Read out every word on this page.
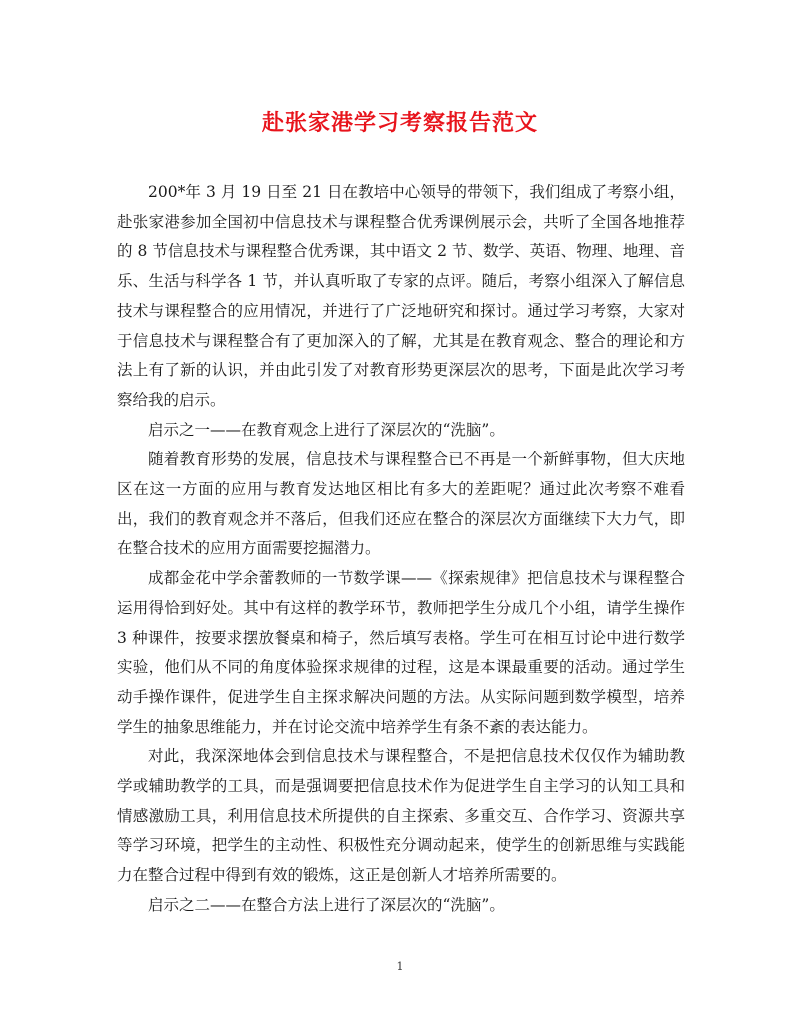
赴张家港学习考察报告范文

200*年 3 月 19 日至 21 日在教培中心领导的带领下，我们组成了考察小组，赴张家港参加全国初中信息技术与课程整合优秀课例展示会，共听了全国各地推荐的 8 节信息技术与课程整合优秀课，其中语文 2 节、数学、英语、物理、地理、音乐、生活与科学各 1 节，并认真听取了专家的点评。随后，考察小组深入了解信息技术与课程整合的应用情况，并进行了广泛地研究和探讨。通过学习考察，大家对于信息技术与课程整合有了更加深入的了解，尤其是在教育观念、整合的理论和方法上有了新的认识，并由此引发了对教育形势更深层次的思考，下面是此次学习考察给我的启示。

启示之一——在教育观念上进行了深层次的“洗脑”。

随着教育形势的发展，信息技术与课程整合已不再是一个新鲜事物，但大庆地区在这一方面的应用与教育发达地区相比有多大的差距呢？通过此次考察不难看出，我们的教育观念并不落后，但我们还应在整合的深层次方面继续下大力气，即在整合技术的应用方面需要挖掘潜力。

成都金花中学余蕾教师的一节数学课——《探索规律》把信息技术与课程整合运用得恰到好处。其中有这样的教学环节，教师把学生分成几个小组，请学生操作 3 种课件，按要求摆放餐桌和椅子，然后填写表格。学生可在相互讨论中进行数学实验，他们从不同的角度体验探求规律的过程，这是本课最重要的活动。通过学生动手操作课件，促进学生自主探求解决问题的方法。从实际问题到数学模型，培养学生的抽象思维能力，并在讨论交流中培养学生有条不紊的表达能力。

对此，我深深地体会到信息技术与课程整合，不是把信息技术仅仅作为辅助教学或辅助教学的工具，而是强调要把信息技术作为促进学生自主学习的认知工具和情感激励工具，利用信息技术所提供的自主探索、多重交互、合作学习、资源共享等学习环境，把学生的主动性、积极性充分调动起来，使学生的创新思维与实践能力在整合过程中得到有效的锻炼，这正是创新人才培养所需要的。

启示之二——在整合方法上进行了深层次的“洗脑”。

1
